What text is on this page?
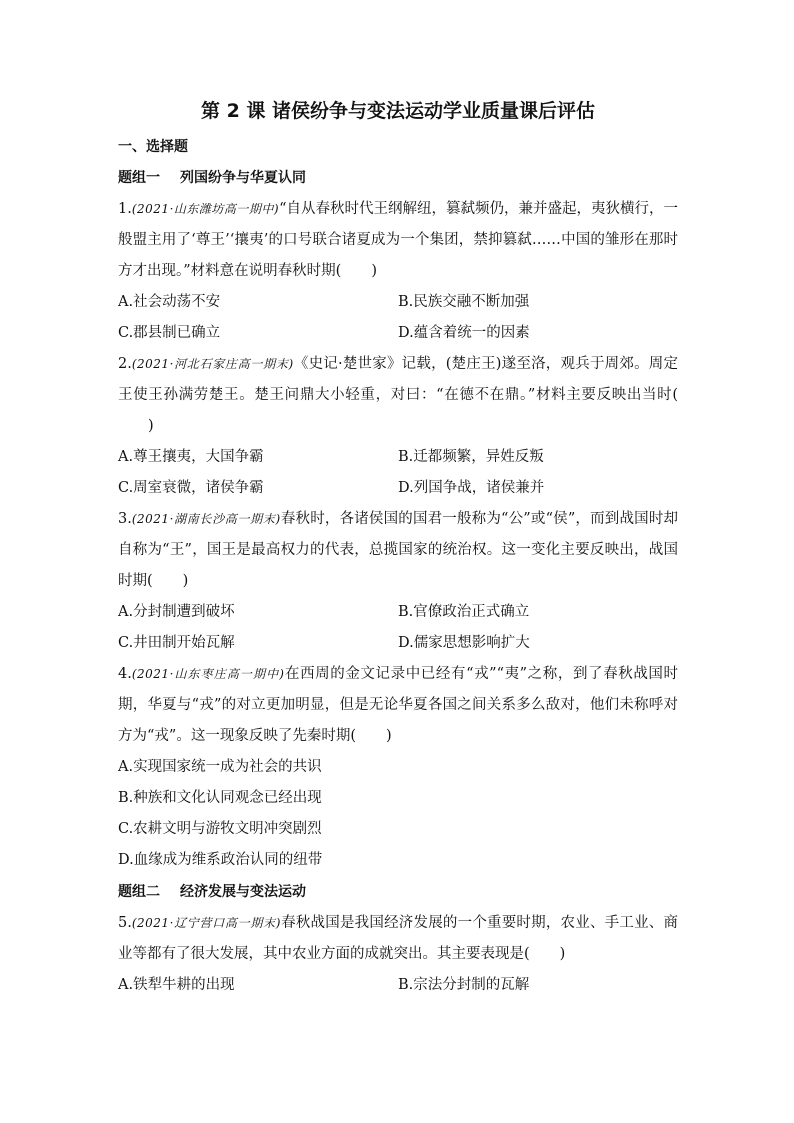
第 2 课 诸侯纷争与变法运动学业质量课后评估
一、选择题
题组一 列国纷争与华夏认同
1.(2021·山东潍坊高一期中)“自从春秋时代王纲解纽，篡弑频仍，兼并盛起，夷狄横行，一般盟主用了‘尊王’‘攘夷’的口号联合诸夏成为一个集团，禁抑篡弑……中国的雏形在那时方才出现。”材料意在说明春秋时期( )
A.社会动荡不安	B.民族交融不断加强
C.郡县制已确立	D.蕴含着统一的因素
2.(2021·河北石家庄高一期末)《史记·楚世家》记载，(楚庄王)遂至洛，观兵于周郊。周定王使王孙满劳楚王。楚王问鼎大小轻重，对曰：“在德不在鼎。”材料主要反映出当时()
A.尊王攘夷，大国争霸	B.迁都频繁，异姓反叛
C.周室衰微，诸侯争霸	D.列国争战，诸侯兼并
3.(2021·湖南长沙高一期末)春秋时，各诸侯国的国君一般称为“公”或“侯”，而到战国时却自称为“王”，国王是最高权力的代表，总揽国家的统治权。这一变化主要反映出，战国时期( )
A.分封制遭到破坏	B.官僚政治正式确立
C.井田制开始瓦解	D.儒家思想影响扩大
4.(2021·山东枣庄高一期中)在西周的金文记录中已经有“戎”“夷”之称，到了春秋战国时期，华夏与“戎”的对立更加明显，但是无论华夏各国之间关系多么敌对，他们未称呼对方为“戎”。这一现象反映了先秦时期( )
A.实现国家统一成为社会的共识
B.种族和文化认同观念已经出现
C.农耕文明与游牧文明冲突剧烈
D.血缘成为维系政治认同的纽带
题组二 经济发展与变法运动
5.(2021·辽宁营口高一期末)春秋战国是我国经济发展的一个重要时期，农业、手工业、商业等都有了很大发展，其中农业方面的成就突出。其主要表现是( )
A.铁犁牛耕的出现	B.宗法分封制的瓦解
